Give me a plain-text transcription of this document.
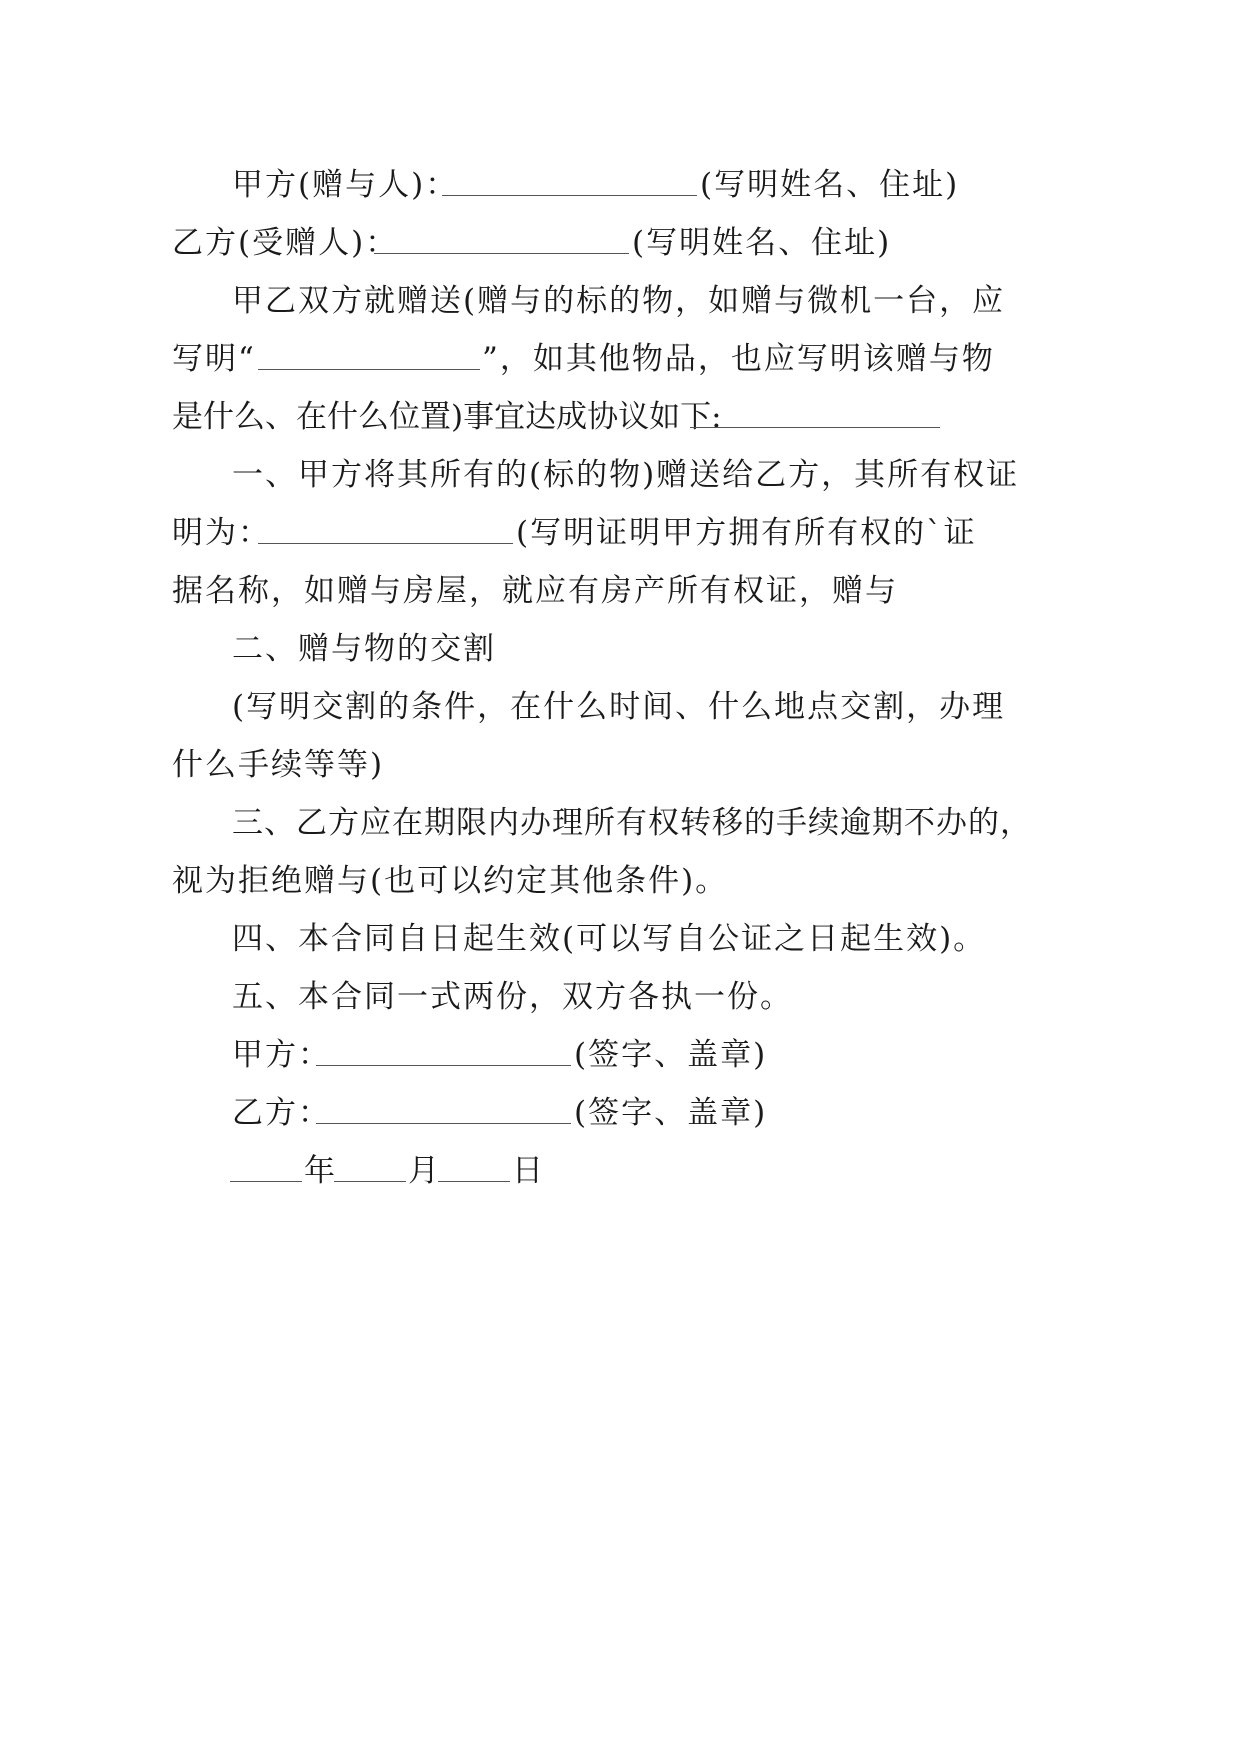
甲方(赠与人)：	(写明姓名、住址)
乙方(受赠人)：	(写明姓名、住址)
甲乙双方就赠送(赠与的标的物，如赠与微机一台，应
写明“	”，如其他物品，也应写明该赠与物
是什么、在什么位置)事宜达成协议如下:
一、甲方将其所有的(标的物)赠送给乙方，其所有权证
明为：	(写明证明甲方拥有所有权的`证
据名称，如赠与房屋，就应有房产所有权证，赠与
二、赠与物的交割
(写明交割的条件，在什么时间、什么地点交割，办理
什么手续等等)
三、乙方应在期限内办理所有权转移的手续逾期不办的，
视为拒绝赠与(也可以约定其他条件)。
四、本合同自日起生效(可以写自公证之日起生效)。
五、本合同一式两份，双方各执一份。
甲方：	(签字、盖章)
乙方：	(签字、盖章)
年 月 日
